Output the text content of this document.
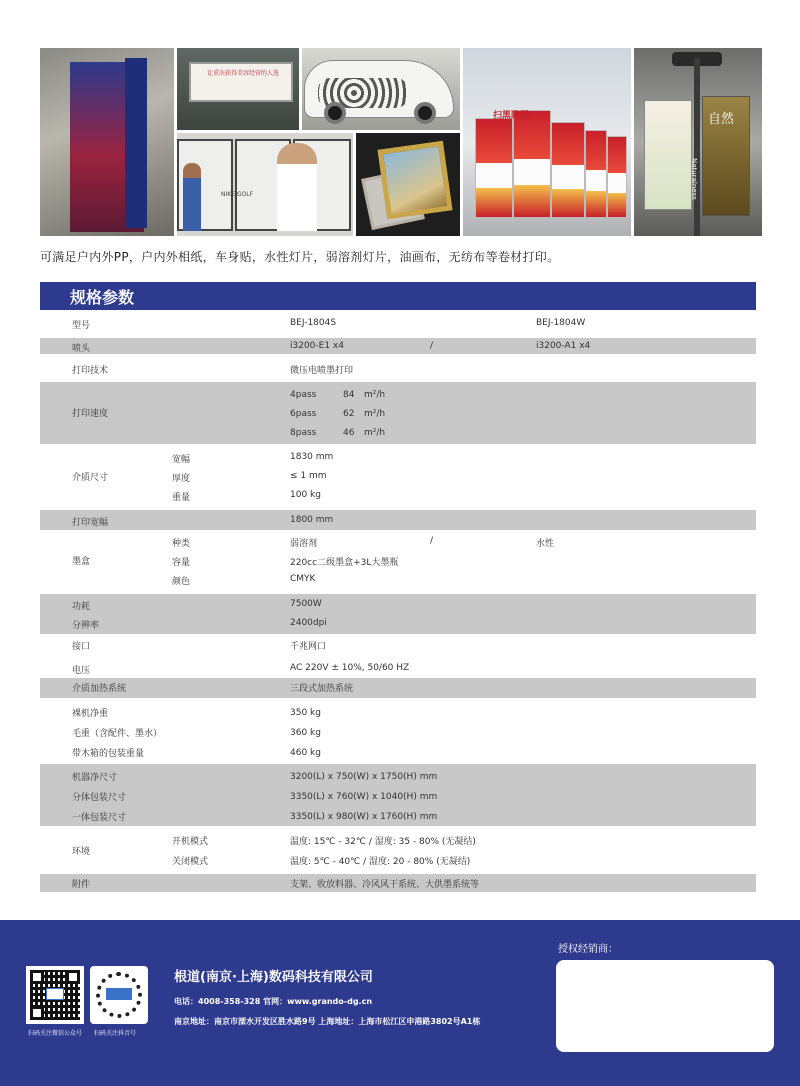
让重庆获得美容经营的人选
NIKE GOLF
扫黑除恶	自然
Naturalness
可满足户内外PP，户内外相纸，车身贴，水性灯片，弱溶剂灯片，油画布，无纺布等卷材打印。
规格参数
型号	BEJ-1804S	BEJ-1804W
喷头	i3200-E1 x4	/	i3200-A1 x4
打印技术	微压电喷墨打印
打印速度
4pass	84 m²/h
6pass	62 m²/h
8pass	46 m²/h
介质尺寸
宽幅	1830 mm
厚度	≤ 1 mm
重量	100 kg
打印宽幅	1800 mm
墨盒
种类	弱溶剂	/	水性
容量	220cc二级墨盒+3L大墨瓶
颜色	CMYK
功耗	7500W
分辨率	2400dpi
接口	千兆网口
电压	AC 220V ± 10%, 50/60 HZ
介质加热系统	三段式加热系统
裸机净重	350 kg
毛重（含配件、墨水）	360 kg
带木箱的包装重量	460 kg
机器净尺寸	3200(L) x 750(W) x 1750(H) mm
分体包装尺寸	3350(L) x 760(W) x 1040(H) mm
一体包装尺寸	3350(L) x 980(W) x 1760(H) mm
环境
开机模式	温度: 15℃ - 32℃ / 湿度: 35 - 80% (无凝结)
关闭模式	温度: 5℃ - 40℃ / 湿度: 20 - 80% (无凝结)
附件	支架、收放料器、冷风风干系统、大供墨系统等
扫码关注微信公众号 扫码关注抖音号
根道(南京·上海)数码科技有限公司
电话：4008-358-328 官网：www.grando-dg.cn
南京地址：南京市溧水开发区胜水路9号 上海地址：上海市松江区申港路3802号A1栋
授权经销商：
